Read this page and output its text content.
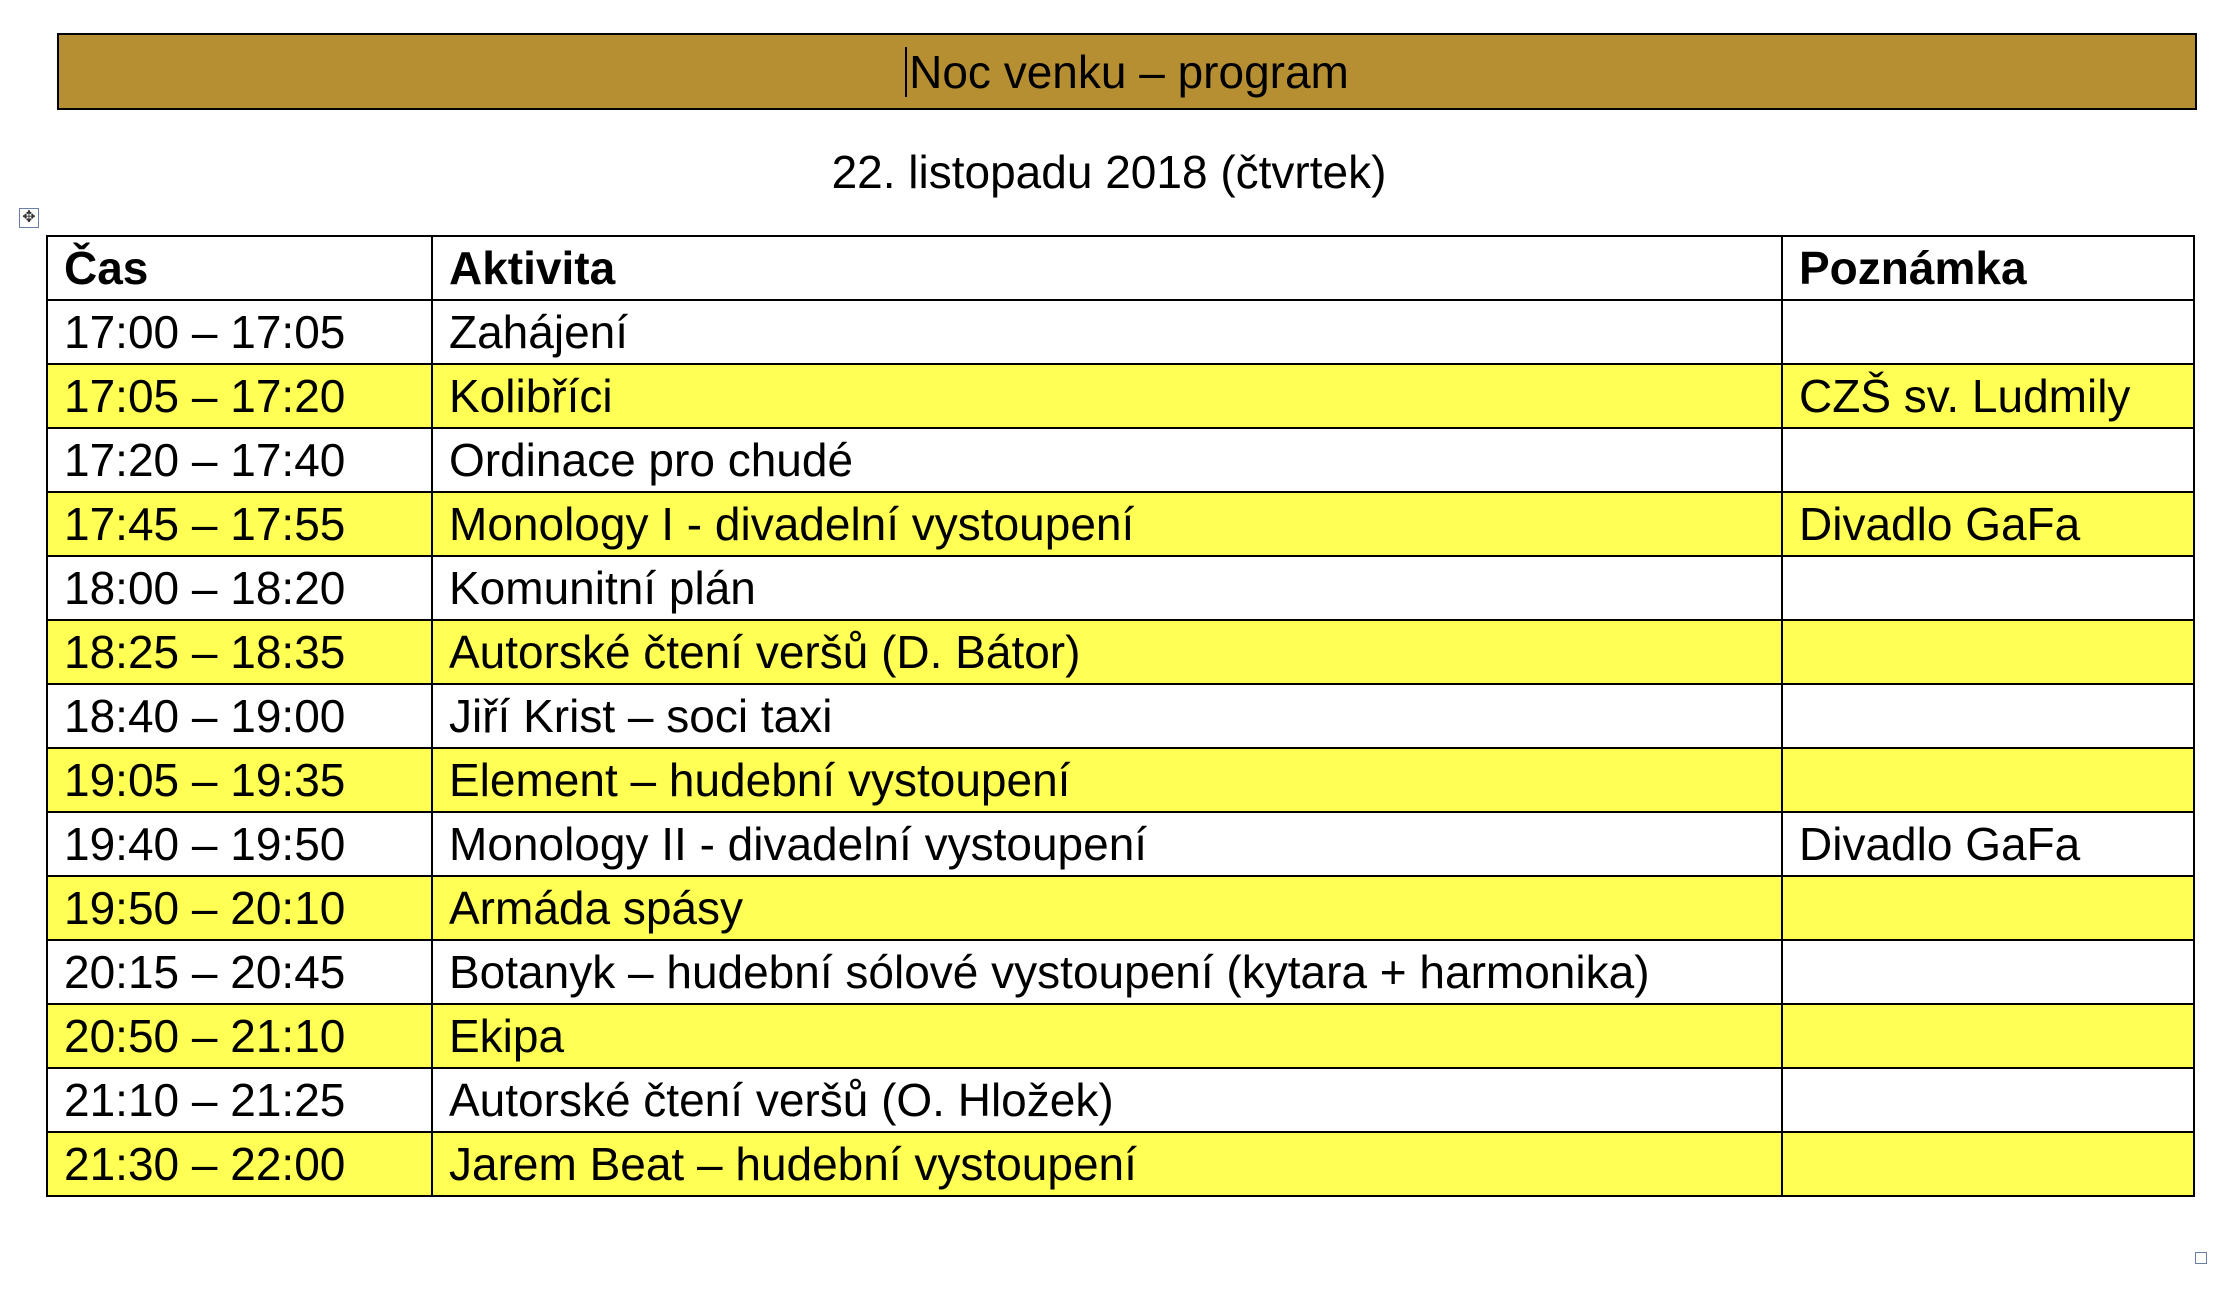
Noc venku – program
22. listopadu 2018 (čtvrtek)
✥
Čas	Aktivita	Poznámka
17:00 – 17:05	Zahájení	
17:05 – 17:20	Kolibříci	CZŠ sv. Ludmily
17:20 – 17:40	Ordinace pro chudé	
17:45 – 17:55	Monology I - divadelní vystoupení	Divadlo GaFa
18:00 – 18:20	Komunitní plán	
18:25 – 18:35	Autorské čtení veršů (D. Bátor)	
18:40 – 19:00	Jiří Krist – soci taxi	
19:05 – 19:35	Element – hudební vystoupení	
19:40 – 19:50	Monology II - divadelní vystoupení	Divadlo GaFa
19:50 – 20:10	Armáda spásy	
20:15 – 20:45	Botanyk – hudební sólové vystoupení (kytara + harmonika)	
20:50 – 21:10	Ekipa	
21:10 – 21:25	Autorské čtení veršů (O. Hložek)	
21:30 – 22:00	Jarem Beat – hudební vystoupení	
